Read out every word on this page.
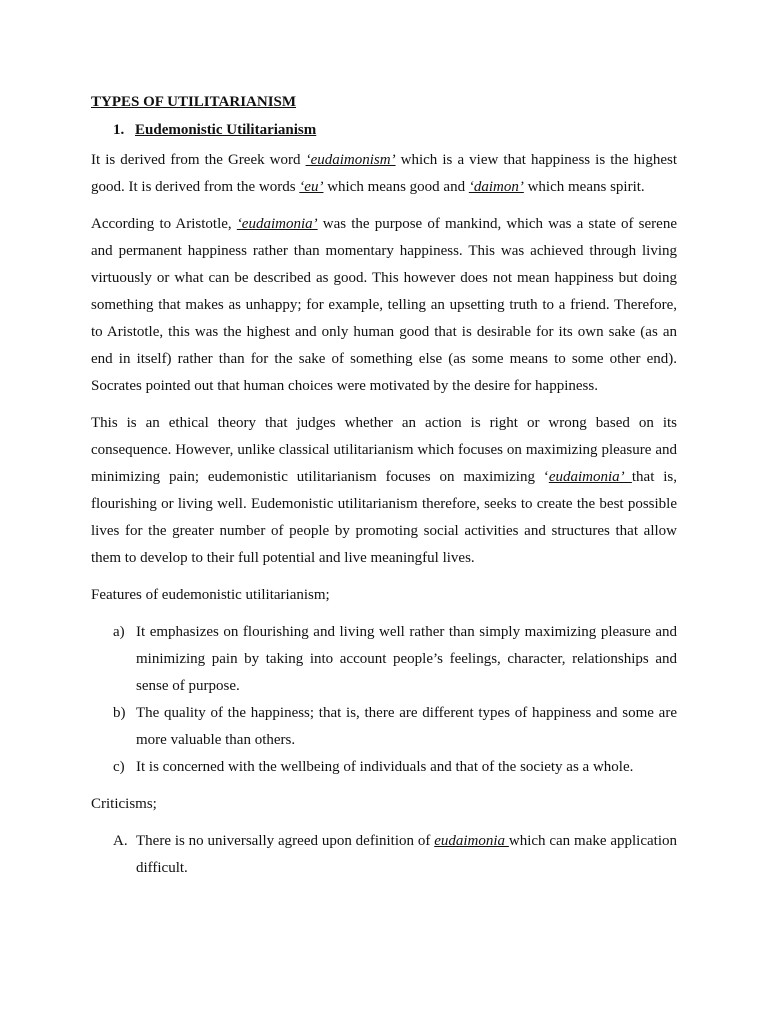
TYPES OF UTILITARIANISM
1. Eudemonistic Utilitarianism

It is derived from the Greek word ‘eudaimonism’ which is a view that happiness is the highest good. It is derived from the words ‘eu’ which means good and ‘daimon’ which means spirit.

According to Aristotle, ‘eudaimonia’ was the purpose of mankind, which was a state of serene and permanent happiness rather than momentary happiness. This was achieved through living virtuously or what can be described as good. This however does not mean happiness but doing something that makes as unhappy; for example, telling an upsetting truth to a friend. Therefore, to Aristotle, this was the highest and only human good that is desirable for its own sake (as an end in itself) rather than for the sake of something else (as some means to some other end). Socrates pointed out that human choices were motivated by the desire for happiness.

This is an ethical theory that judges whether an action is right or wrong based on its consequence. However, unlike classical utilitarianism which focuses on maximizing pleasure and minimizing pain; eudemonistic utilitarianism focuses on maximizing ‘eudaimonia’ that is, flourishing or living well. Eudemonistic utilitarianism therefore, seeks to create the best possible lives for the greater number of people by promoting social activities and structures that allow them to develop to their full potential and live meaningful lives.

Features of eudemonistic utilitarianism;

a) It emphasizes on flourishing and living well rather than simply maximizing pleasure and minimizing pain by taking into account people’s feelings, character, relationships and sense of purpose.
b) The quality of the happiness; that is, there are different types of happiness and some are more valuable than others.
c) It is concerned with the wellbeing of individuals and that of the society as a whole.

Criticisms;

A. There is no universally agreed upon definition of eudaimonia which can make application difficult.
